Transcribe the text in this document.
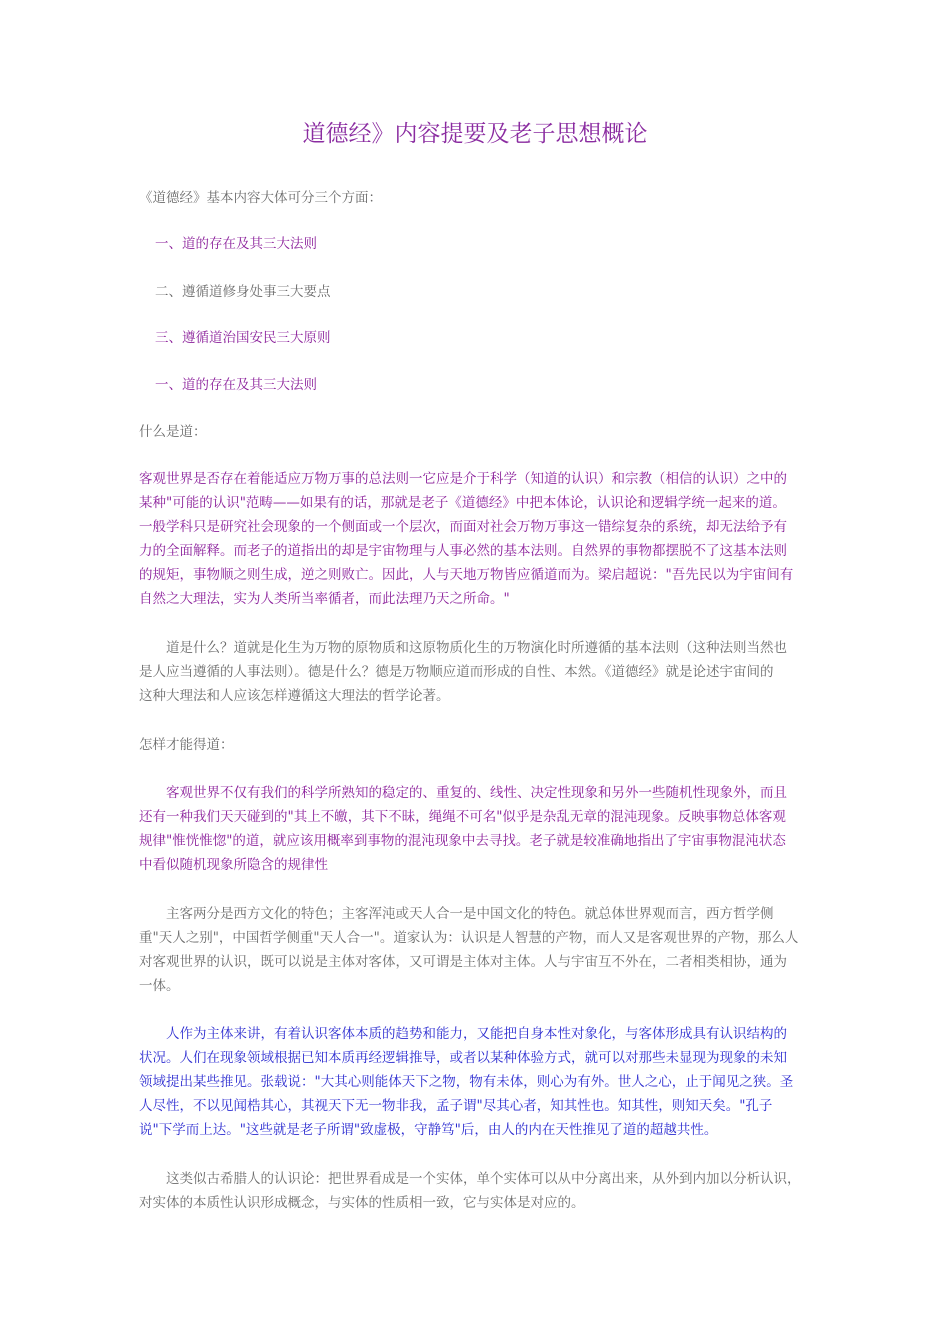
道德经》内容提要及老子思想概论
《道德经》基本内容大体可分三个方面：
一、道的存在及其三大法则
二、遵循道修身处事三大要点
三、遵循道治国安民三大原则
一、道的存在及其三大法则
什么是道：
客观世界是否存在着能适应万物万事的总法则一它应是介于科学（知道的认识）和宗教（相信的认识）之中的
某种"可能的认识"范畴——如果有的话，那就是老子《道德经》中把本体论，认识论和逻辑学统一起来的道。
一般学科只是研究社会现象的一个侧面或一个层次，而面对社会万物万事这一错综复杂的系统，却无法给予有
力的全面解释。而老子的道指出的却是宇宙物理与人事必然的基本法则。自然界的事物都摆脱不了这基本法则
的规矩，事物顺之则生成，逆之则败亡。因此，人与天地万物皆应循道而为。梁启超说："吾先民以为宇宙间有
自然之大理法，实为人类所当率循者，而此法理乃天之所命。"
道是什么？道就是化生为万物的原物质和这原物质化生的万物演化时所遵循的基本法则（这种法则当然也
是人应当遵循的人事法则）。德是什么？德是万物顺应道而形成的自性、本然。《道德经》就是论述宇宙间的
这种大理法和人应该怎样遵循这大理法的哲学论著。
怎样才能得道：
客观世界不仅有我们的科学所熟知的稳定的、重复的、线性、决定性现象和另外一些随机性现象外，而且
还有一种我们天天碰到的"其上不皦，其下不昧，绳绳不可名"似乎是杂乱无章的混沌现象。反映事物总体客观
规律"惟恍惟惚"的道，就应该用概率到事物的混沌现象中去寻找。老子就是较准确地指出了宇宙事物混沌状态
中看似随机现象所隐含的规律性
主客两分是西方文化的特色；主客浑沌或天人合一是中国文化的特色。就总体世界观而言，西方哲学侧
重"天人之别"，中国哲学侧重"天人合一"。道家认为：认识是人智慧的产物，而人又是客观世界的产物，那么人
对客观世界的认识，既可以说是主体对客体，又可谓是主体对主体。人与宇宙互不外在，二者相类相协，通为
一体。
人作为主体来讲，有着认识客体本质的趋势和能力，又能把自身本性对象化，与客体形成具有认识结构的
状况。人们在现象领域根据已知本质再经逻辑推导，或者以某种体验方式，就可以对那些未显现为现象的未知
领域提出某些推见。张载说："大其心则能体天下之物，物有未体，则心为有外。世人之心，止于闻见之狭。圣
人尽性，不以见闻梏其心，其视天下无一物非我，孟子谓"尽其心者，知其性也。知其性，则知天矣。"孔子
说"下学而上达。"这些就是老子所谓"致虚极，守静笃"后，由人的内在天性推见了道的超越共性。
这类似古希腊人的认识论：把世界看成是一个实体，单个实体可以从中分离出来，从外到内加以分析认识，
对实体的本质性认识形成概念，与实体的性质相一致，它与实体是对应的。
